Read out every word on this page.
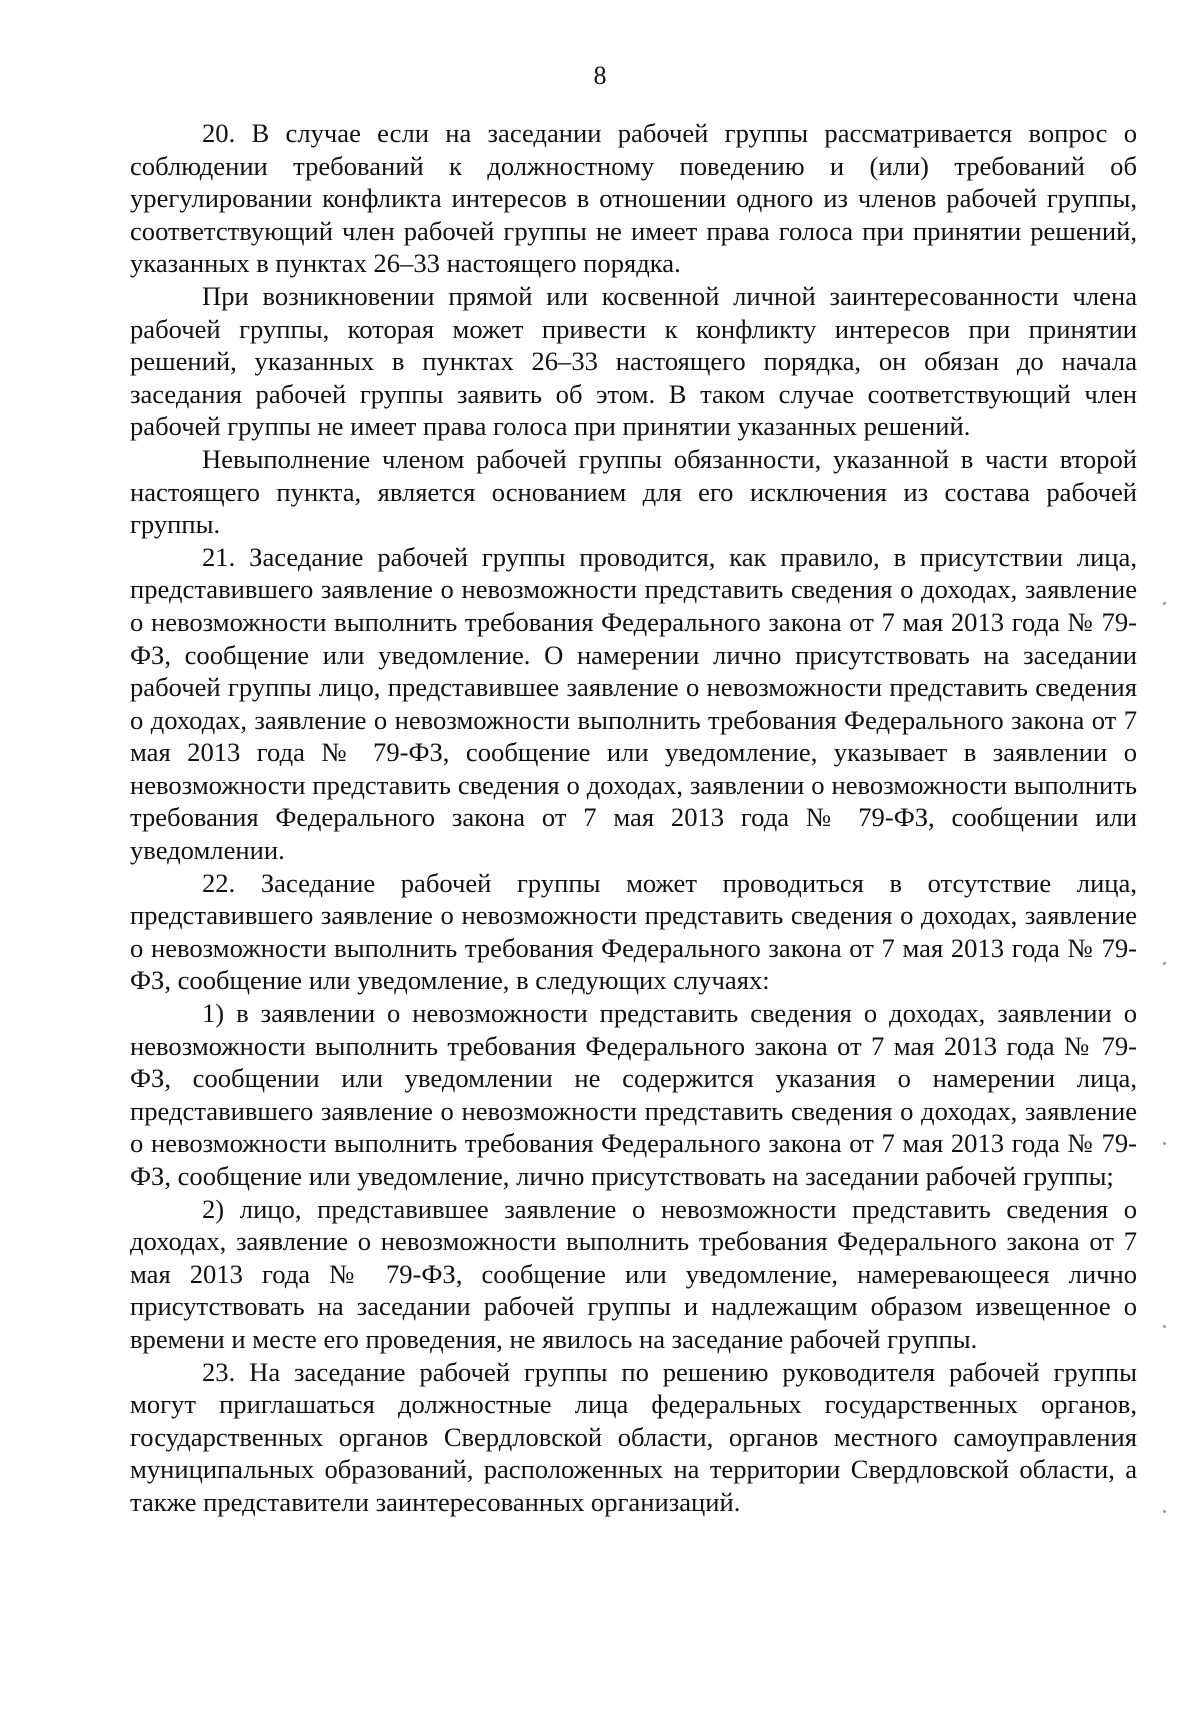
8

20. В случае если на заседании рабочей группы рассматривается вопрос о соблюдении требований к должностному поведению и (или) требований об урегулировании конфликта интересов в отношении одного из членов рабочей группы, соответствующий член рабочей группы не имеет права голоса при принятии решений, указанных в пунктах 26–33 настоящего порядка.

При возникновении прямой или косвенной личной заинтересованности члена рабочей группы, которая может привести к конфликту интересов при принятии решений, указанных в пунктах 26–33 настоящего порядка, он обязан до начала заседания рабочей группы заявить об этом. В таком случае соответствующий член рабочей группы не имеет права голоса при принятии указанных решений.

Невыполнение членом рабочей группы обязанности, указанной в части второй настоящего пункта, является основанием для его исключения из состава рабочей группы.

21. Заседание рабочей группы проводится, как правило, в присутствии лица, представившего заявление о невозможности представить сведения о доходах, заявление о невозможности выполнить требования Федерального закона от 7 мая 2013 года № 79-ФЗ, сообщение или уведомление. О намерении лично присутствовать на заседании рабочей группы лицо, представившее заявление о невозможности представить сведения о доходах, заявление о невозможности выполнить требования Федерального закона от 7 мая 2013 года № 79-ФЗ, сообщение или уведомление, указывает в заявлении о невозможности представить сведения о доходах, заявлении о невозможности выполнить требования Федерального закона от 7 мая 2013 года № 79-ФЗ, сообщении или уведомлении.

22. Заседание рабочей группы может проводиться в отсутствие лица, представившего заявление о невозможности представить сведения о доходах, заявление о невозможности выполнить требования Федерального закона от 7 мая 2013 года № 79-ФЗ, сообщение или уведомление, в следующих случаях:

1) в заявлении о невозможности представить сведения о доходах, заявлении о невозможности выполнить требования Федерального закона от 7 мая 2013 года № 79-ФЗ, сообщении или уведомлении не содержится указания о намерении лица, представившего заявление о невозможности представить сведения о доходах, заявление о невозможности выполнить требования Федерального закона от 7 мая 2013 года № 79-ФЗ, сообщение или уведомление, лично присутствовать на заседании рабочей группы;

2) лицо, представившее заявление о невозможности представить сведения о доходах, заявление о невозможности выполнить требования Федерального закона от 7 мая 2013 года № 79-ФЗ, сообщение или уведомление, намеревающееся лично присутствовать на заседании рабочей группы и надлежащим образом извещенное о времени и месте его проведения, не явилось на заседание рабочей группы.

23. На заседание рабочей группы по решению руководителя рабочей группы могут приглашаться должностные лица федеральных государственных органов, государственных органов Свердловской области, органов местного самоуправления муниципальных образований, расположенных на территории Свердловской области, а также представители заинтересованных организаций.
